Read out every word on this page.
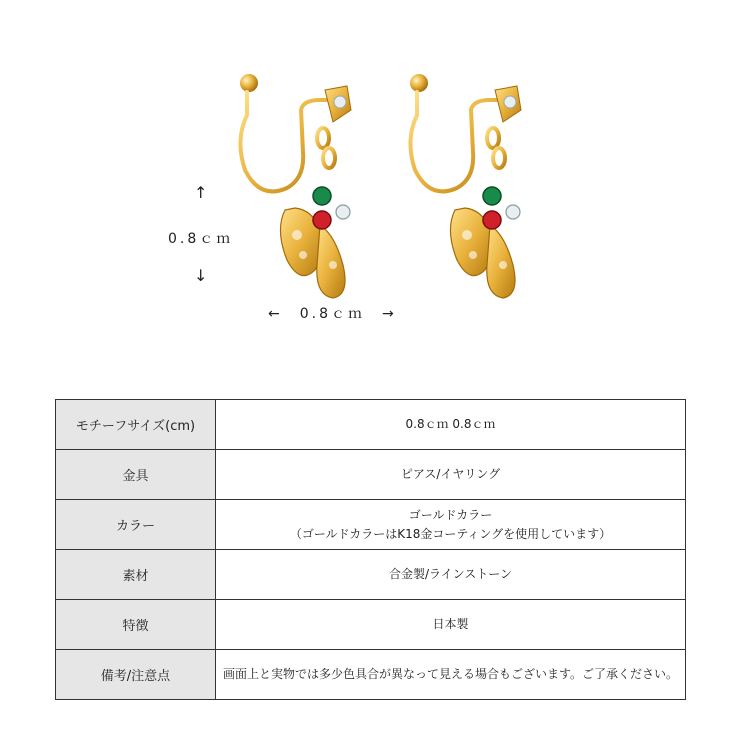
↑
0.8ｃｍ
↓
←　0.8ｃｍ　→
モチーフサイズ(cm)	0.8ｃｍ 0.8ｃｍ
金具	ピアス/イヤリング
カラー	ゴールドカラー
（ゴールドカラーはK18金コーティングを使用しています）

素材	合金製/ラインストーン
特徴	日本製
備考/注意点	画面上と実物では多少色具合が異なって見える場合もございます。ご了承ください。
